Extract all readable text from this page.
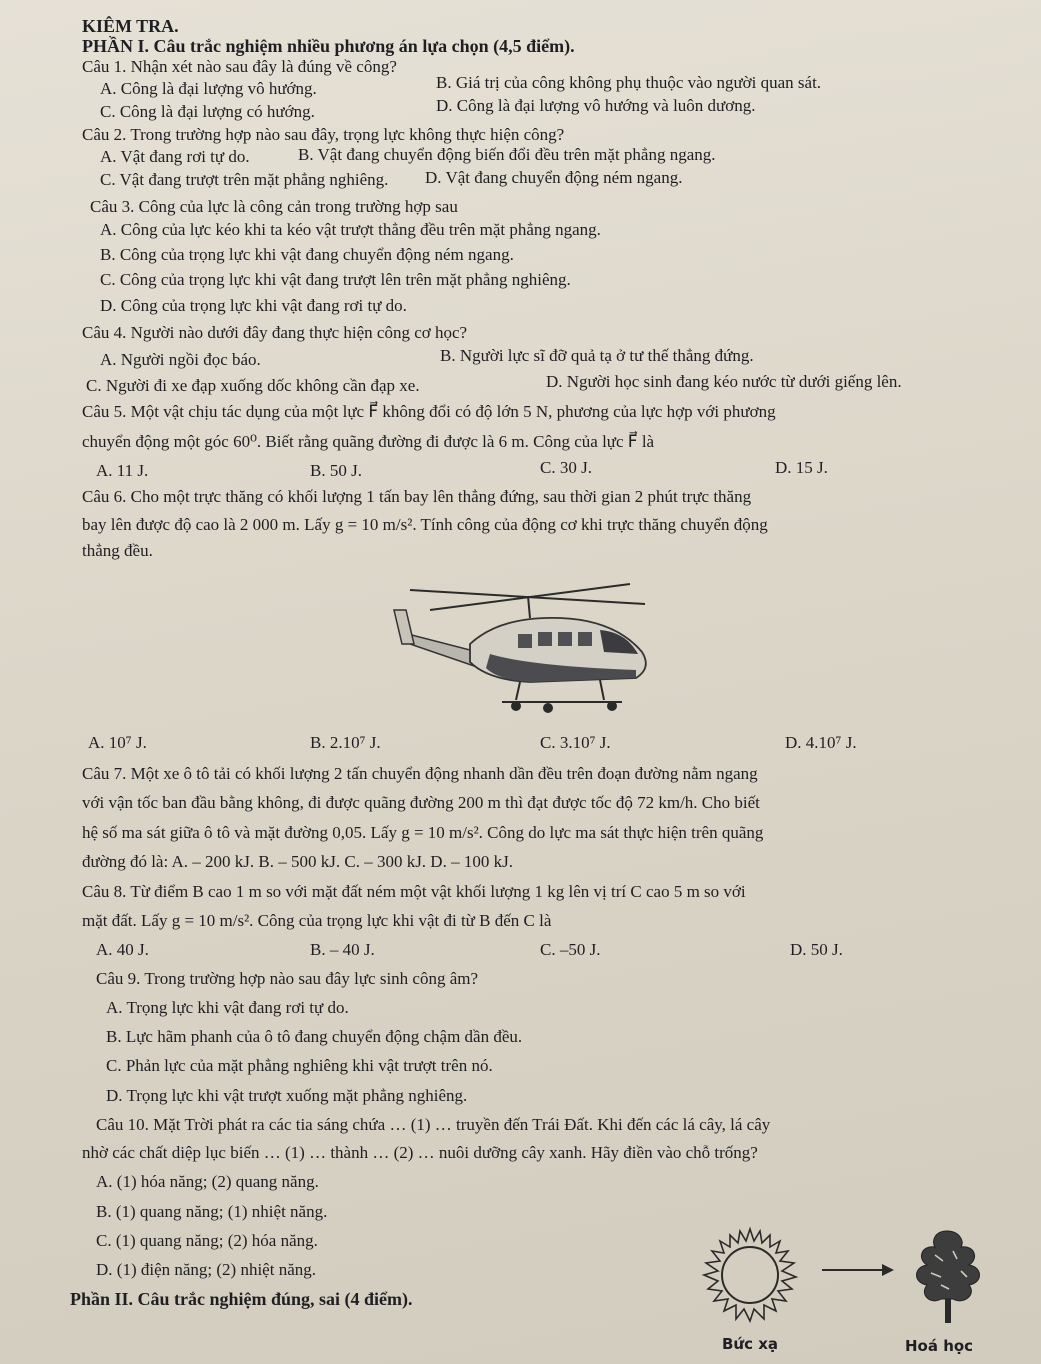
KIÊM TRA.
PHẦN I. Câu trắc nghiệm nhiều phương án lựa chọn (4,5 điểm).
Câu 1. Nhận xét nào sau đây là đúng về công?
A. Công là đại lượng vô hướng.	B. Giá trị của công không phụ thuộc vào người quan sát.
C. Công là đại lượng có hướng.	D. Công là đại lượng vô hướng và luôn dương.
Câu 2. Trong trường hợp nào sau đây, trọng lực không thực hiện công?
A. Vật đang rơi tự do.	B. Vật đang chuyển động biến đổi đều trên mặt phẳng ngang.
C. Vật đang trượt trên mặt phẳng nghiêng. D. Vật đang chuyển động ném ngang.
Câu 3. Công của lực là công cản trong trường hợp sau
A. Công của lực kéo khi ta kéo vật trượt thẳng đều trên mặt phẳng ngang.
B. Công của trọng lực khi vật đang chuyển động ném ngang.
C. Công của trọng lực khi vật đang trượt lên trên mặt phẳng nghiêng.
D. Công của trọng lực khi vật đang rơi tự do.
Câu 4. Người nào dưới đây đang thực hiện công cơ học?
A. Người ngồi đọc báo.	B. Người lực sĩ đỡ quả tạ ở tư thế thẳng đứng.
C. Người đi xe đạp xuống dốc không cần đạp xe.	D. Người học sinh đang kéo nước từ dưới giếng lên.
Câu 5. Một vật chịu tác dụng của một lực F⃗ không đổi có độ lớn 5 N, phương của lực hợp với phương
chuyển động một góc 60⁰. Biết rằng quãng đường đi được là 6 m. Công của lực F⃗ là
A. 11 J.	B. 50 J.	C. 30 J.	D. 15 J.
Câu 6. Cho một trực thăng có khối lượng 1 tấn bay lên thẳng đứng, sau thời gian 2 phút trực thăng
bay lên được độ cao là 2 000 m. Lấy g = 10 m/s². Tính công của động cơ khi trực thăng chuyển động
thẳng đều.
A. 10⁷ J.	B. 2.10⁷ J.	C. 3.10⁷ J.	D. 4.10⁷ J.
Câu 7. Một xe ô tô tải có khối lượng 2 tấn chuyển động nhanh dần đều trên đoạn đường nằm ngang
với vận tốc ban đầu bằng không, đi được quãng đường 200 m thì đạt được tốc độ 72 km/h. Cho biết
hệ số ma sát giữa ô tô và mặt đường 0,05. Lấy g = 10 m/s². Công do lực ma sát thực hiện trên quãng
đường đó là: A. – 200 kJ. B. – 500 kJ. C. – 300 kJ. D. – 100 kJ.
Câu 8. Từ điểm B cao 1 m so với mặt đất ném một vật khối lượng 1 kg lên vị trí C cao 5 m so với
mặt đất. Lấy g = 10 m/s². Công của trọng lực khi vật đi từ B đến C là
A. 40 J.	B. – 40 J.	C. –50 J.	D. 50 J.
Câu 9. Trong trường hợp nào sau đây lực sinh công âm?
A. Trọng lực khi vật đang rơi tự do.
B. Lực hãm phanh của ô tô đang chuyển động chậm dần đều.
C. Phản lực của mặt phẳng nghiêng khi vật trượt trên nó.
D. Trọng lực khi vật trượt xuống mặt phẳng nghiêng.
Câu 10. Mặt Trời phát ra các tia sáng chứa … (1) … truyền đến Trái Đất. Khi đến các lá cây, lá cây
nhờ các chất diệp lục biến … (1) … thành … (2) … nuôi dưỡng cây xanh. Hãy điền vào chỗ trống?
A. (1) hóa năng; (2) quang năng.
B. (1) quang năng; (1) nhiệt năng.
C. (1) quang năng; (2) hóa năng.
D. (1) điện năng; (2) nhiệt năng.
Phần II. Câu trắc nghiệm đúng, sai (4 điểm).
Bức xạ	Hoá học
